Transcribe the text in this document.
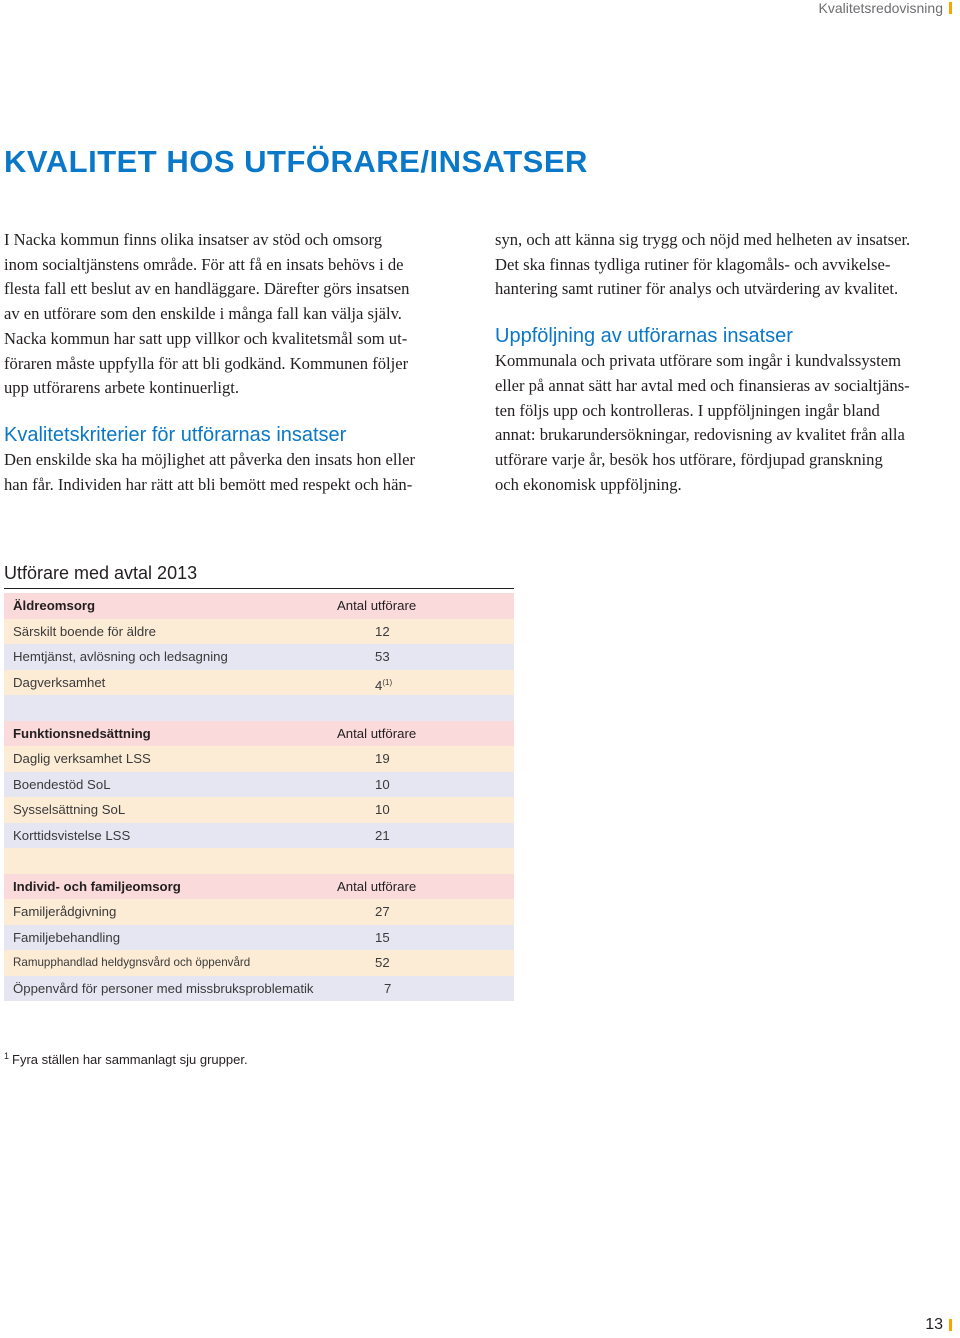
Kvalitetsredovisning
KVALITET HOS UTFÖRARE/INSATSER

I Nacka kommun finns olika insatser av stöd och omsorg
inom socialtjänstens område. För att få en insats behövs i de
flesta fall ett beslut av en handläggare. Därefter görs insatsen
av en utförare som den enskilde i många fall kan välja själv.
Nacka kommun har satt upp villkor och kvalitetsmål som ut-
föraren måste uppfylla för att bli godkänd. Kommunen följer
upp utförarens arbete kontinuerligt.

Kvalitetskriterier för utförarnas insatser

Den enskilde ska ha möjlighet att påverka den insats hon eller
han får. Individen har rätt att bli bemött med respekt och hän-

syn, och att känna sig trygg och nöjd med helheten av insatser.
Det ska finnas tydliga rutiner för klagomåls- och avvikelse-
hantering samt rutiner för analys och utvärdering av kvalitet.

Uppföljning av utförarnas insatser

Kommunala och privata utförare som ingår i kundvalssystem
eller på annat sätt har avtal med och finansieras av socialtjäns-
ten följs upp och kontrolleras. I uppföljningen ingår bland
annat: brukarundersökningar, redovisning av kvalitet från alla
utförare varje år, besök hos utförare, fördjupad granskning
och ekonomisk uppföljning.

Utförare med avtal 2013
Äldreomsorg	Antal utförare
Särskilt boende för äldre	12
Hemtjänst, avlösning och ledsagning	53
Dagverksamhet	4$^{(1)}$
Funktionsnedsättning	Antal utförare
Daglig verksamhet LSS	19
Boendestöd SoL	10
Sysselsättning SoL	10
Korttidsvistelse LSS	21
Individ- och familjeomsorg	Antal utförare
Familjerådgivning	27
Familjebehandling	15
Ramupphandlad heldygnsvård och öppenvård	52
Öppenvård för personer med missbruksproblematik	7
$^1$ Fyra ställen har sammanlagt sju grupper.
13
